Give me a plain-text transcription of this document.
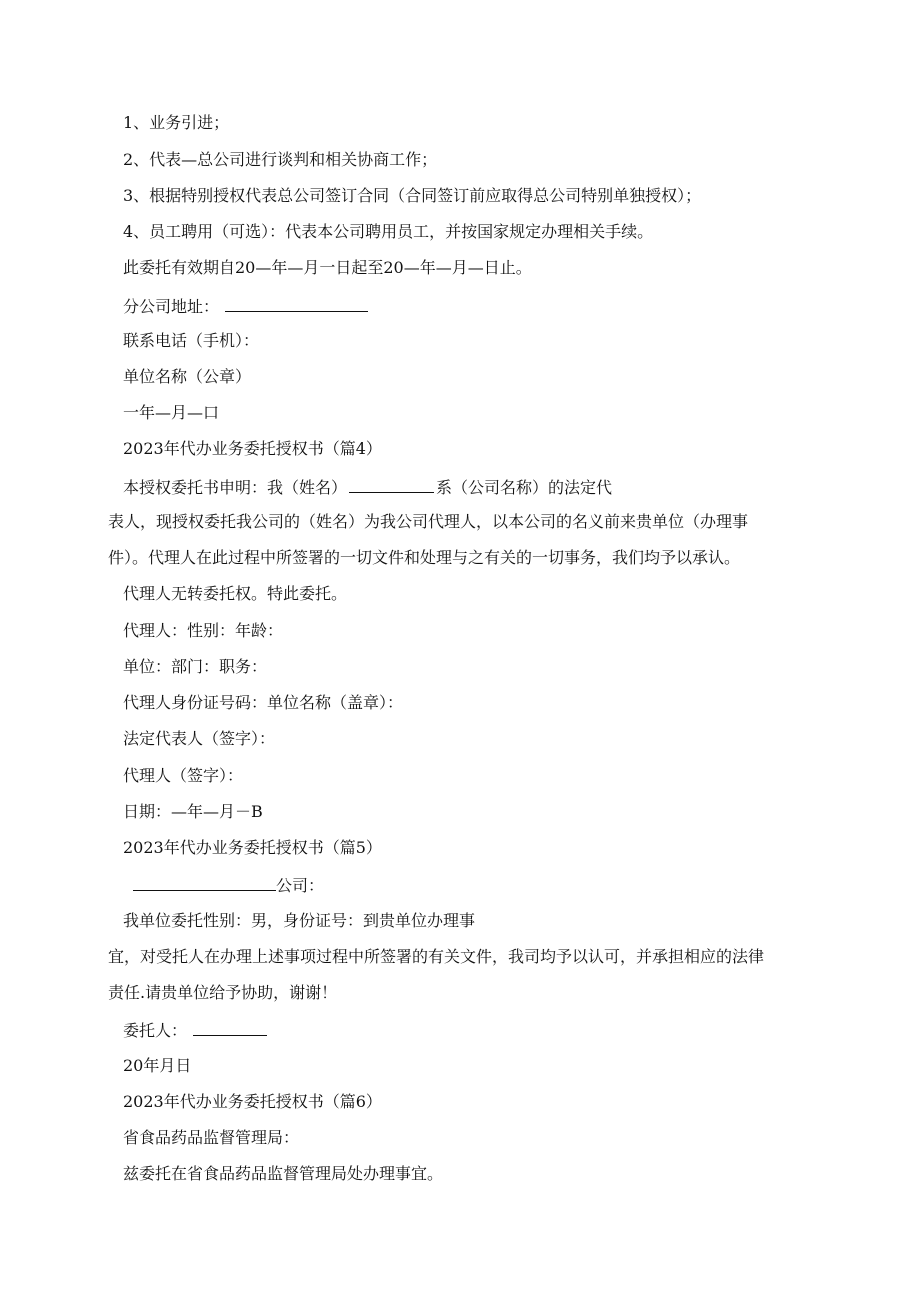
1、业务引进；
2、代表—总公司进行谈判和相关协商工作；
3、根据特别授权代表总公司签订合同（合同签订前应取得总公司特别单独授权）；
4、员工聘用（可选）：代表本公司聘用员工，并按国家规定办理相关手续。
此委托有效期自20—年—月一日起至20—年—月—日止。
分公司地址：
联系电话（手机）：
单位名称（公章）
一年—月—口
2023年代办业务委托授权书（篇4）
本授权委托书申明：我（姓名）	系（公司名称）的法定代
表人，现授权委托我公司的（姓名）为我公司代理人，以本公司的名义前来贵单位（办理事
件）。代理人在此过程中所签署的一切文件和处理与之有关的一切事务，我们均予以承认。
代理人无转委托权。特此委托。
代理人：性别：年龄：
单位：部门：职务：
代理人身份证号码：单位名称（盖章）：
法定代表人（签字）：
代理人（签字）：
日期：—年—月－B
2023年代办业务委托授权书（篇5）
公司：
我单位委托性别：男，身份证号：到贵单位办理事
宜，对受托人在办理上述事项过程中所签署的有关文件，我司均予以认可，并承担相应的法律
责任.请贵单位给予协助，谢谢！
委托人：
20年月日
2023年代办业务委托授权书（篇6）
省食品药品监督管理局：
兹委托在省食品药品监督管理局处办理事宜。
